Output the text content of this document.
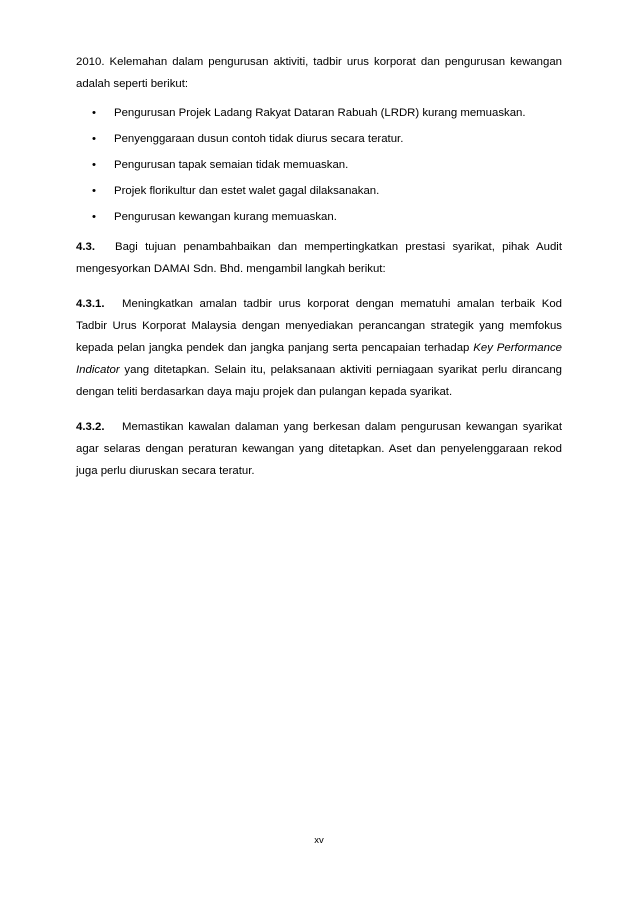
2010. Kelemahan dalam pengurusan aktiviti, tadbir urus korporat dan pengurusan kewangan adalah seperti berikut:

• Pengurusan Projek Ladang Rakyat Dataran Rabuah (LRDR) kurang memuaskan.
• Penyenggaraan dusun contoh tidak diurus secara teratur.
• Pengurusan tapak semaian tidak memuaskan.
• Projek florikultur dan estet walet gagal dilaksanakan.
• Pengurusan kewangan kurang memuaskan.

4.3. Bagi tujuan penambahbaikan dan mempertingkatkan prestasi syarikat, pihak Audit mengesyorkan DAMAI Sdn. Bhd. mengambil langkah berikut:

4.3.1. Meningkatkan amalan tadbir urus korporat dengan mematuhi amalan terbaik Kod Tadbir Urus Korporat Malaysia dengan menyediakan perancangan strategik yang memfokus kepada pelan jangka pendek dan jangka panjang serta pencapaian terhadap Key Performance Indicator yang ditetapkan. Selain itu, pelaksanaan aktiviti perniagaan syarikat perlu dirancang dengan teliti berdasarkan daya maju projek dan pulangan kepada syarikat.

4.3.2. Memastikan kawalan dalaman yang berkesan dalam pengurusan kewangan syarikat agar selaras dengan peraturan kewangan yang ditetapkan. Aset dan penyelenggaraan rekod juga perlu diuruskan secara teratur.

xv
